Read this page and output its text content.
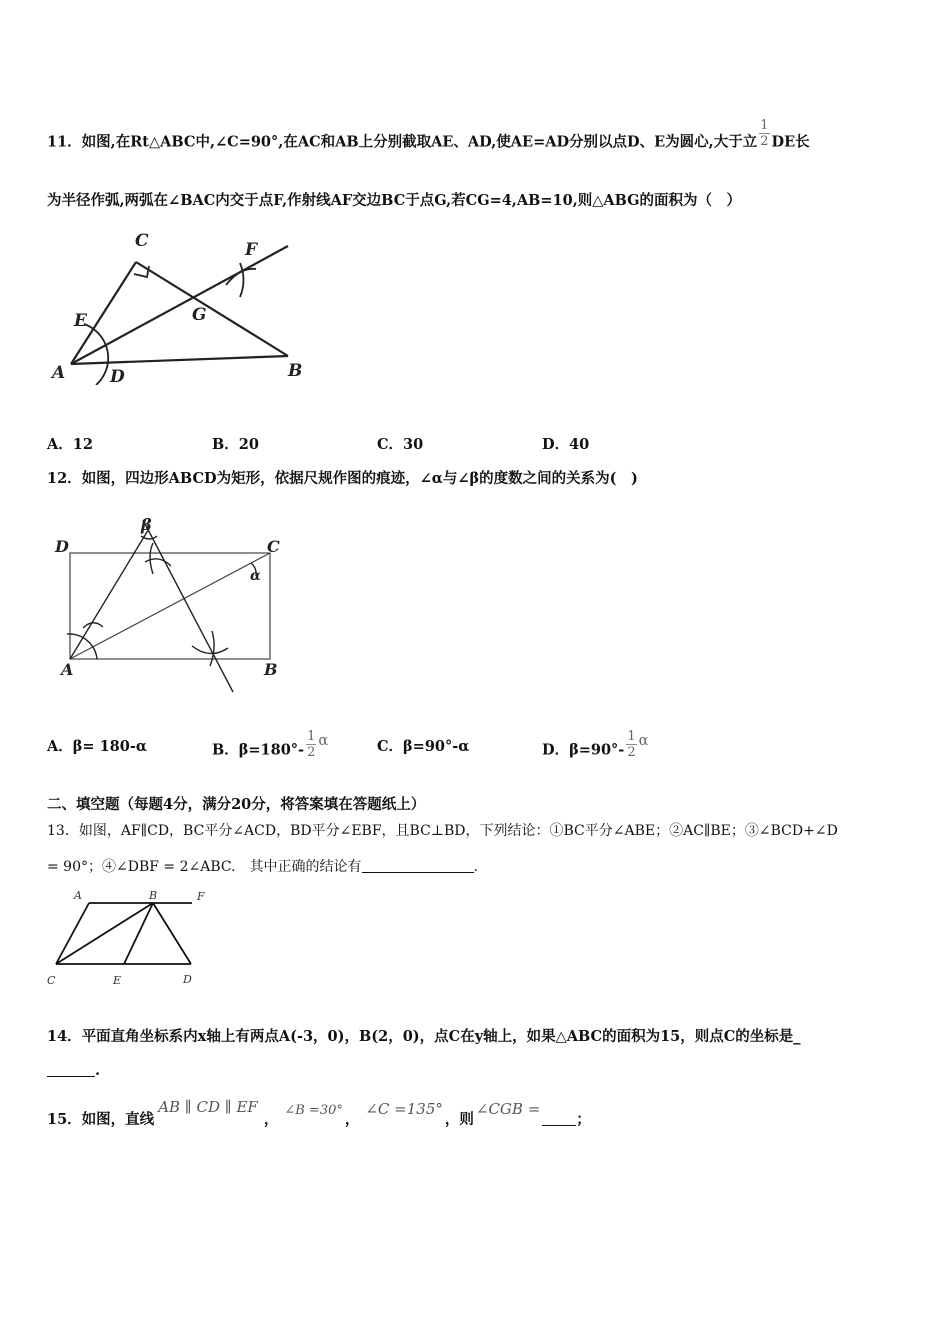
11．如图,在Rt△ABC中,∠C=90°,在AC和AB上分别截取AE、AD,使AE=AD分别以点D、E为圆心,大于立 $\frac{1}{2}$ DE长
为半径作弧,两弧在∠BAC内交于点F,作射线AF交边BC于点G,若CG=4,AB=10,则△ABG的面积为（　）
C	F
E	G
A	D	B
A．12	B．20	C．30	D．40
12．如图，四边形ABCD为矩形，依据尺规作图的痕迹，∠α与∠β的度数之间的关系为(　)
D	C
A	B
β
α
A．β= 180-α	B．$\beta=180^\circ- \frac{1}{2}$ α	C．β=90°-α	D．$\beta=90^\circ- \frac{1}{2}$ α
二、填空题（每题4分，满分20分，将答案填在答题纸上）
13．如图，AF∥CD，BC平分∠ACD，BD平分∠EBF，且BC⊥BD，下列结论：①BC平分∠ABE；②AC∥BE；③∠BCD+∠D
= 90°；④∠DBF = 2∠ABC.　其中正确的结论有	.
A	B	F
C	E	D
14．平面直角坐标系内x轴上有两点A(-3，0)，B(2，0)，点C在y轴上，如果△ABC的面积为15，则点C的坐标是_
.
15．如图，直线AB ∥ CD ∥ EF，∠B =30°，∠C =135°，则∠CGB =；
